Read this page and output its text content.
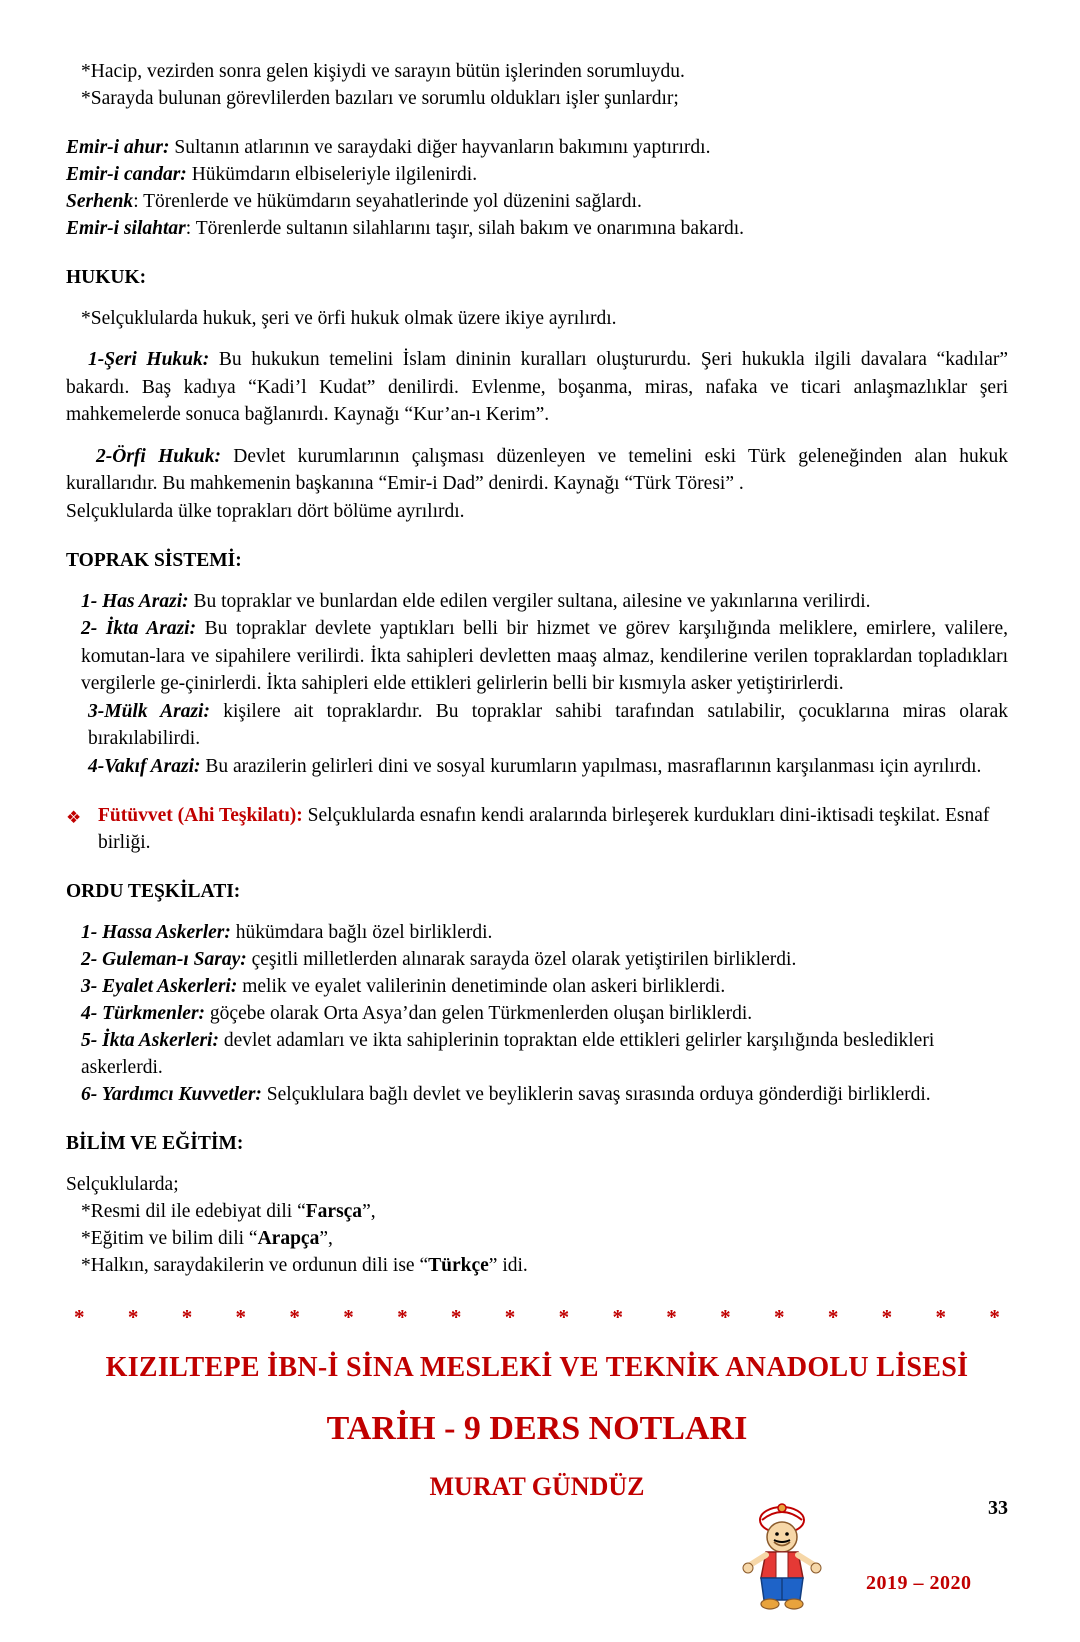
*Hacip, vezirden sonra gelen kişiydi ve sarayın bütün işlerinden sorumluydu.

*Sarayda bulunan görevlilerden bazıları ve sorumlu oldukları işler şunlardır;

Emir-i ahur: Sultanın atlarının ve saraydaki diğer hayvanların bakımını yaptırırdı.

Emir-i candar: Hükümdarın elbiseleriyle ilgilenirdi.

Serhenk: Törenlerde ve hükümdarın seyahatlerinde yol düzenini sağlardı.

Emir-i silahtar: Törenlerde sultanın silahlarını taşır, silah bakım ve onarımına bakardı.

HUKUK:

*Selçuklularda hukuk, şeri ve örfi hukuk olmak üzere ikiye ayrılırdı.

1-Şeri Hukuk: Bu hukukun temelini İslam dininin kuralları oluştururdu. Şeri hukukla ilgili davalara “kadılar” bakardı. Baş kadıya “Kadi’l Kudat” denilirdi. Evlenme, boşanma, miras, nafaka ve ticari anlaşmazlıklar şeri mahkemelerde sonuca bağlanırdı. Kaynağı “Kur’an-ı Kerim”.

2-Örfi Hukuk: Devlet kurumlarının çalışması düzenleyen ve temelini eski Türk geleneğinden alan hukuk kurallarıdır. Bu mahkemenin başkanına “Emir-i Dad” denirdi. Kaynağı “Türk Töresi” .

Selçuklularda ülke toprakları dört bölüme ayrılırdı.

TOPRAK SİSTEMİ:

1- Has Arazi: Bu topraklar ve bunlardan elde edilen vergiler sultana, ailesine ve yakınlarına verilirdi.

2- İkta Arazi: Bu topraklar devlete yaptıkları belli bir hizmet ve görev karşılığında meliklere, emirlere, valilere, komutan-lara ve sipahilere verilirdi. İkta sahipleri devletten maaş almaz, kendilerine verilen topraklardan topladıkları vergilerle ge-çinirlerdi. İkta sahipleri elde ettikleri gelirlerin belli bir kısmıyla asker yetiştirirlerdi.

3-Mülk Arazi: kişilere ait topraklardır. Bu topraklar sahibi tarafından satılabilir, çocuklarına miras olarak bırakılabilirdi.

4-Vakıf Arazi: Bu arazilerin gelirleri dini ve sosyal kurumların yapılması, masraflarının karşılanması için ayrılırdı.

❖ Fütüvvet (Ahi Teşkilatı): Selçuklularda esnafın kendi aralarında birleşerek kurdukları dini-iktisadi teşkilat. Esnaf birliği.

ORDU TEŞKİLATI:

1- Hassa Askerler: hükümdara bağlı özel birliklerdi.

2- Guleman-ı Saray: çeşitli milletlerden alınarak sarayda özel olarak yetiştirilen birliklerdi.

3- Eyalet Askerleri: melik ve eyalet valilerinin denetiminde olan askeri birliklerdi.

4- Türkmenler: göçebe olarak Orta Asya’dan gelen Türkmenlerden oluşan birliklerdi.

5- İkta Askerleri: devlet adamları ve ikta sahiplerinin topraktan elde ettikleri gelirler karşılığında besledikleri askerlerdi.

6- Yardımcı Kuvvetler: Selçuklulara bağlı devlet ve beyliklerin savaş sırasında orduya gönderdiği birliklerdi.

BİLİM VE EĞİTİM:

Selçuklularda;

*Resmi dil ile edebiyat dili “Farsça”,

*Eğitim ve bilim dili “Arapça”,

*Halkın, saraydakilerin ve ordunun dili ise “Türkçe” idi.

* * * * * * * * * * * * * * * * * *

KIZILTEPE İBN-İ SİNA MESLEKİ VE TEKNİK ANADOLU LİSESİ

TARİH - 9 DERS NOTLARI

MURAT GÜNDÜZ

2019 – 2020
33
